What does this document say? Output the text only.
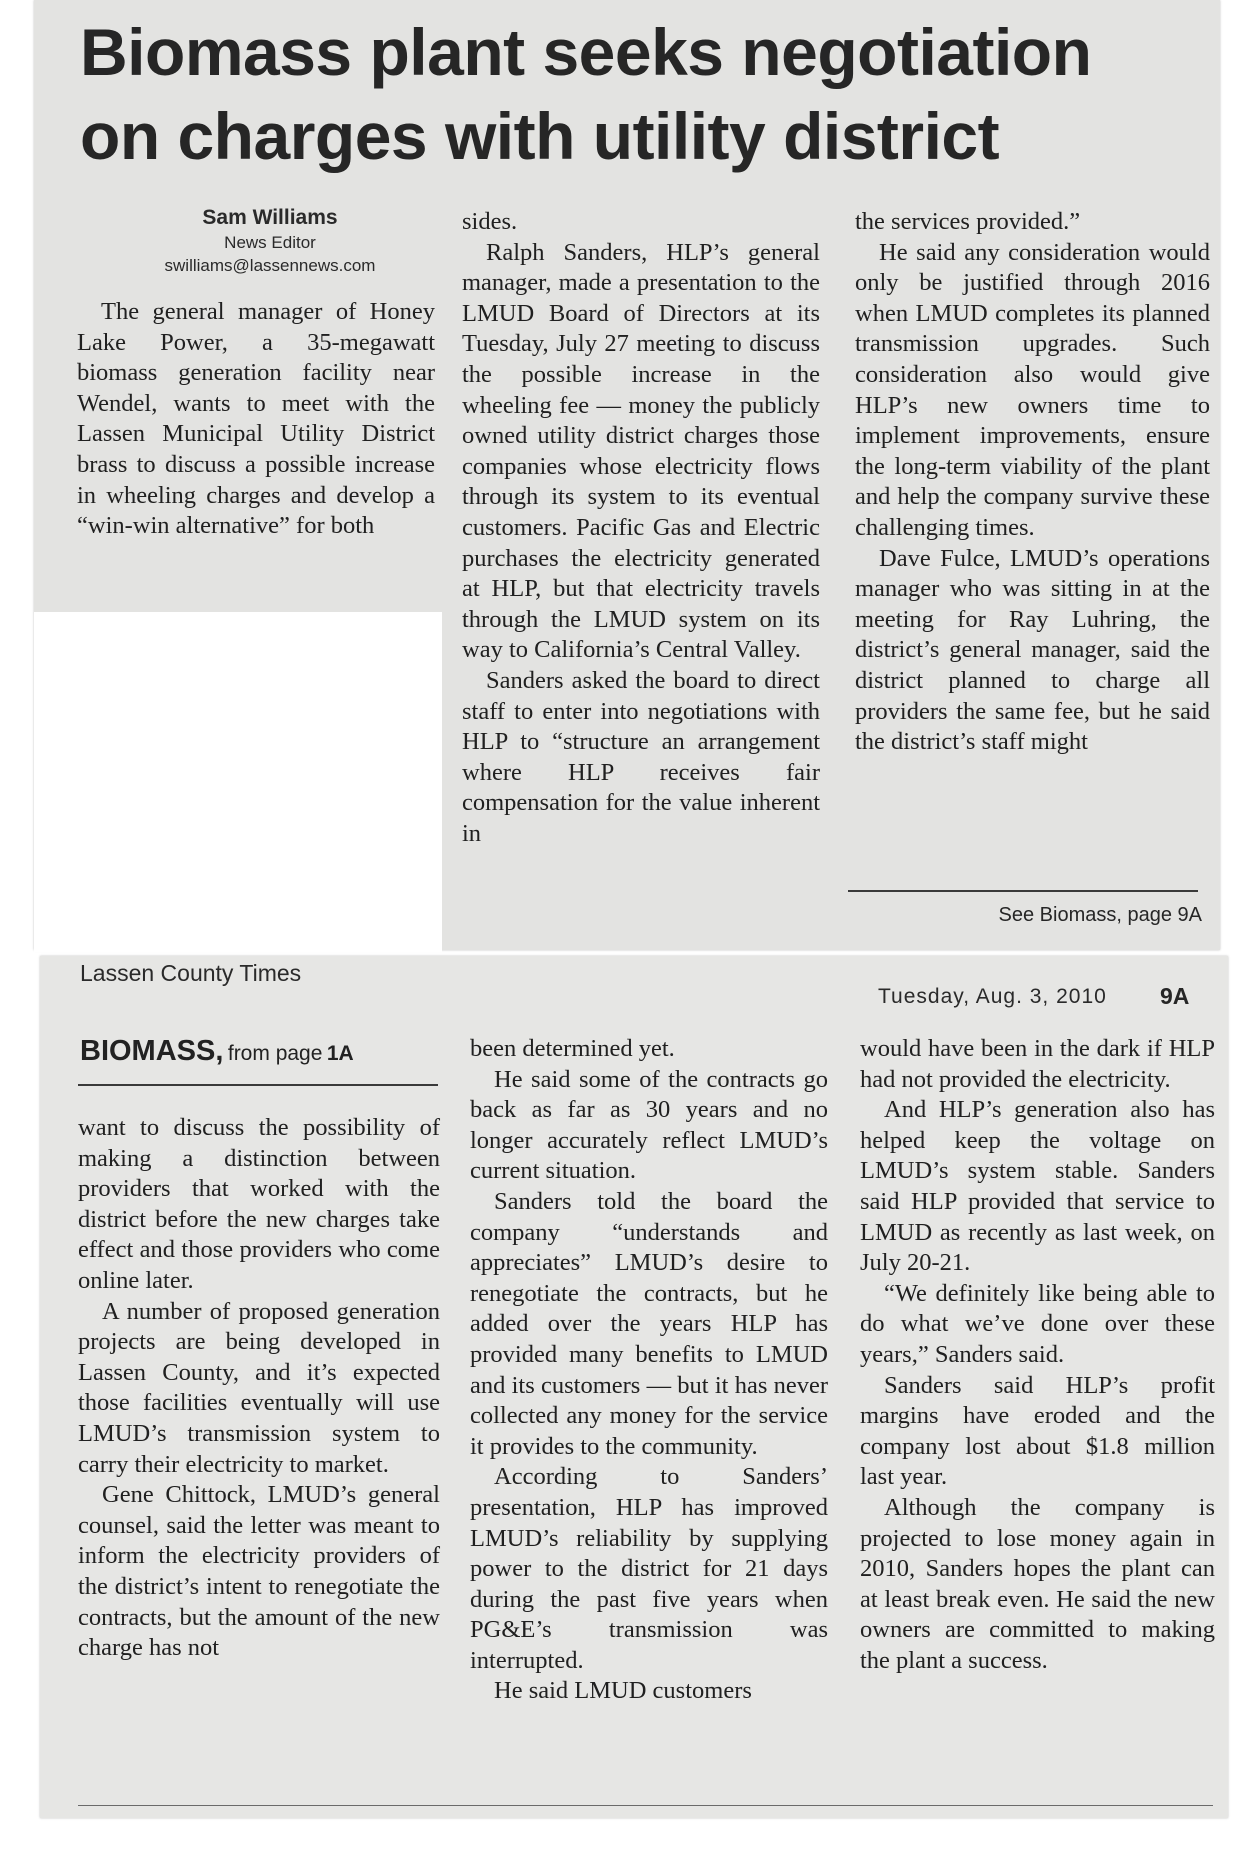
Biomass plant seeks negotiation
on charges with utility district
Sam Williams
News Editor
swilliams@lassennews.com

The general manager of Honey Lake Power, a 35-megawatt biomass generation facility near Wendel, wants to meet with the Lassen Municipal Utility District brass to discuss a possible increase in wheeling charges and develop a “win-win alternative” for both

sides.

Ralph Sanders, HLP’s general manager, made a presentation to the LMUD Board of Directors at its Tuesday, July 27 meeting to discuss the possible increase in the wheeling fee — money the publicly owned utility district charges those companies whose electricity flows through its system to its eventual customers. Pacific Gas and Electric purchases the electricity generated at HLP, but that electricity travels through the LMUD system on its way to California’s Central Valley.

Sanders asked the board to direct staff to enter into negotiations with HLP to “structure an arrangement where HLP receives fair compensation for the value inherent in

the services provided.”

He said any consideration would only be justified through 2016 when LMUD completes its planned transmission upgrades. Such consideration also would give HLP’s new owners time to implement improvements, ensure the long-term viability of the plant and help the company survive these challenging times.

Dave Fulce, LMUD’s operations manager who was sitting in at the meeting for Ray Luhring, the district’s general manager, said the district planned to charge all providers the same fee, but he said the district’s staff might

See Biomass, page 9A
Lassen County Times
Tuesday, Aug. 3, 2010 9A
BIOMASS, from page 1A

want to discuss the possibility of making a distinction between providers that worked with the district before the new charges take effect and those providers who come online later.

A number of proposed generation projects are being developed in Lassen County, and it’s expected those facilities eventually will use LMUD’s transmission system to carry their electricity to market.

Gene Chittock, LMUD’s general counsel, said the letter was meant to inform the electricity providers of the district’s intent to renegotiate the contracts, but the amount of the new charge has not

been determined yet.

He said some of the contracts go back as far as 30 years and no longer accurately reflect LMUD’s current situation.

Sanders told the board the company “understands and appreciates” LMUD’s desire to renegotiate the contracts, but he added over the years HLP has provided many benefits to LMUD and its customers — but it has never collected any money for the service it provides to the community.

According to Sanders’ presentation, HLP has improved LMUD’s reliability by supplying power to the district for 21 days during the past five years when PG&E’s transmission was interrupted.

He said LMUD customers

would have been in the dark if HLP had not provided the electricity.

And HLP’s generation also has helped keep the voltage on LMUD’s system stable. Sanders said HLP provided that service to LMUD as recently as last week, on July 20-21.

“We definitely like being able to do what we’ve done over these years,” Sanders said.

Sanders said HLP’s profit margins have eroded and the company lost about $1.8 million last year.

Although the company is projected to lose money again in 2010, Sanders hopes the plant can at least break even. He said the new owners are committed to making the plant a success.
